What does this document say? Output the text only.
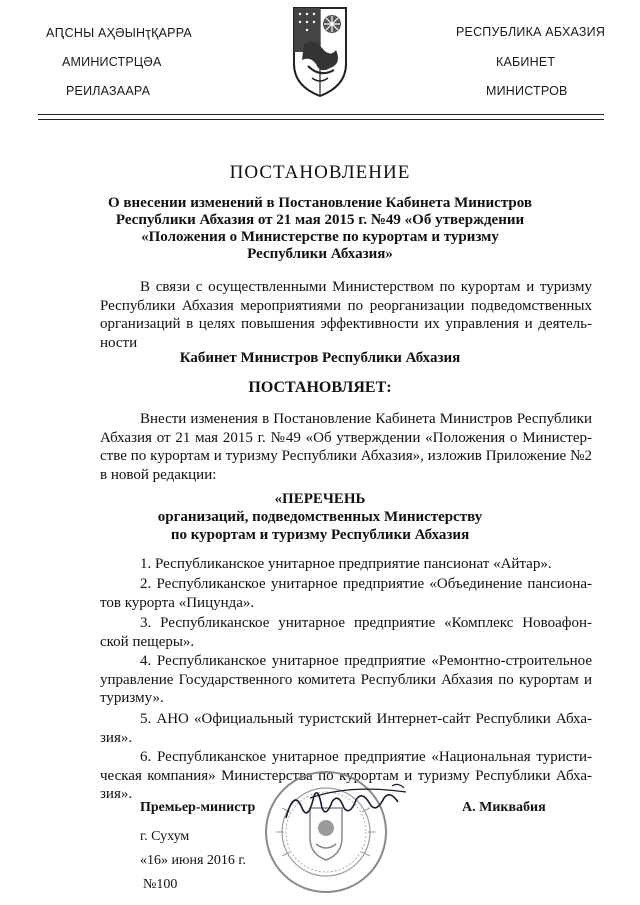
АԤСНЫ АҲӘЫНҭҚАРРА
АМИНИСТРЦӘА
РЕИЛАЗААРА
РЕСПУБЛИКА АБХАЗИЯ
КАБИНЕТ
МИНИСТРОВ
ПОСТАНОВЛЕНИЕ
О внесении изменений в Постановление Кабинета Министров
Республики Абхазия от 21 мая 2015 г. №49 «Об утверждении
«Положения о Министерстве по курортам и туризму
Республики Абхазия»
В связи с осуществленными Министерством по курортам и туризму Республики Абхазия мероприятиями по реорганизации подведомственных организаций в целях повышения эффективности их управления и деятель-ности
Кабинет Министров Республики Абхазия
ПОСТАНОВЛЯЕТ:
Внести изменения в Постановление Кабинета Министров Республики Абхазия от 21 мая 2015 г. №49 «Об утверждении «Положения о Министер-стве по курортам и туризму Республики Абхазия», изложив Приложение №2 в новой редакции:
«ПЕРЕЧЕНЬ
организаций, подведомственных Министерству
по курортам и туризму Республики Абхазия
1. Республиканское унитарное предприятие пансионат «Айтар».
2. Республиканское унитарное предприятие «Объединение пансиона-тов курорта «Пицунда».
3. Республиканское унитарное предприятие «Комплекс Новоафон-ской пещеры».
4. Республиканское унитарное предприятие «Ремонтно-строительное управление Государственного комитета Республики Абхазия по курортам и туризму».
5. АНО «Официальный туристский Интернет-сайт Республики Абха-зия».
6. Республиканское унитарное предприятие «Национальная туристи-ческая компания» Министерства по курортам и туризму Республики Абха-зия».
Премьер-министр	А. Миквабия
г. Сухум
«16» июня 2016 г.
№100
